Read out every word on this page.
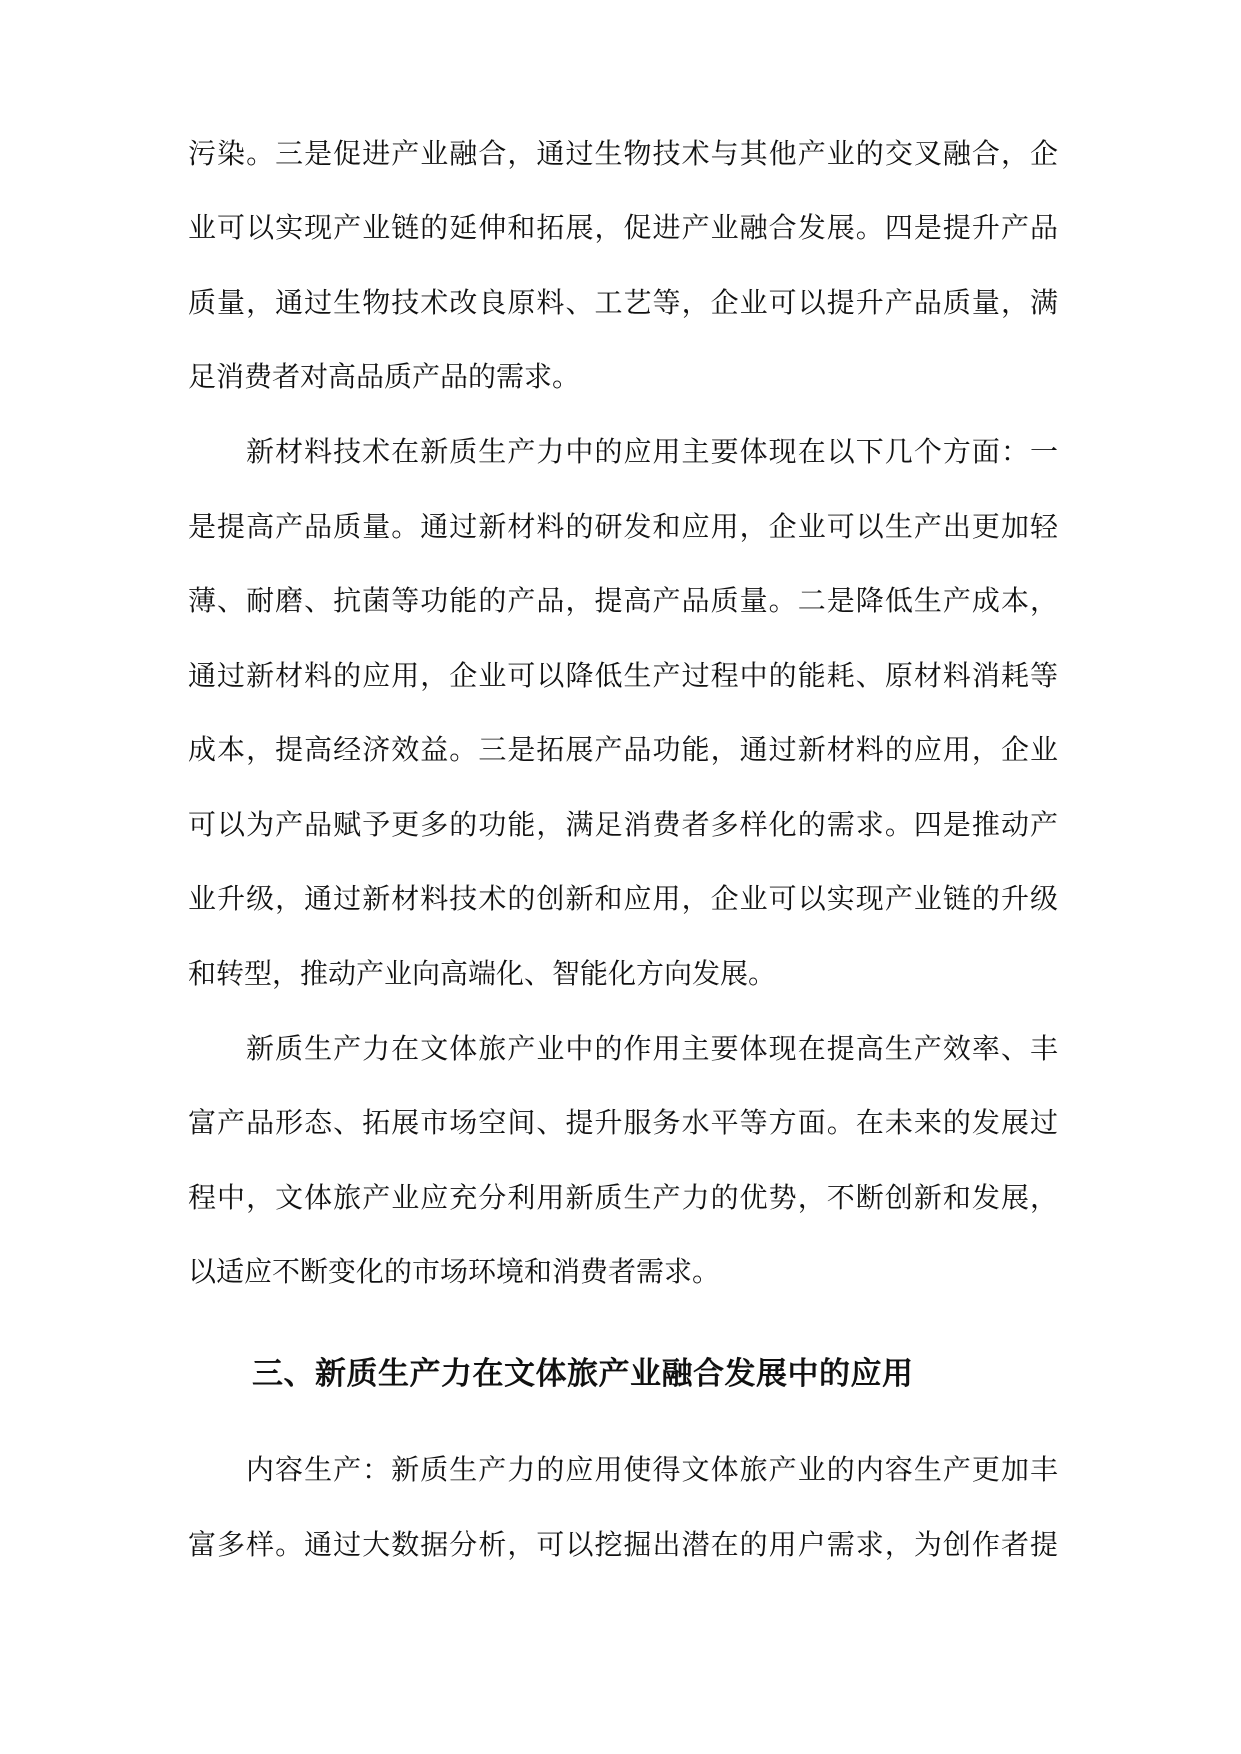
污染。三是促进产业融合，通过生物技术与其他产业的交叉融合，企
业可以实现产业链的延伸和拓展，促进产业融合发展。四是提升产品
质量，通过生物技术改良原料、工艺等，企业可以提升产品质量，满
足消费者对高品质产品的需求。
新材料技术在新质生产力中的应用主要体现在以下几个方面：一
是提高产品质量。通过新材料的研发和应用，企业可以生产出更加轻
薄、耐磨、抗菌等功能的产品，提高产品质量。二是降低生产成本，
通过新材料的应用，企业可以降低生产过程中的能耗、原材料消耗等
成本，提高经济效益。三是拓展产品功能，通过新材料的应用，企业
可以为产品赋予更多的功能，满足消费者多样化的需求。四是推动产
业升级，通过新材料技术的创新和应用，企业可以实现产业链的升级
和转型，推动产业向高端化、智能化方向发展。
新质生产力在文体旅产业中的作用主要体现在提高生产效率、丰
富产品形态、拓展市场空间、提升服务水平等方面。在未来的发展过
程中，文体旅产业应充分利用新质生产力的优势，不断创新和发展，
以适应不断变化的市场环境和消费者需求。
三、新质生产力在文体旅产业融合发展中的应用
内容生产：新质生产力的应用使得文体旅产业的内容生产更加丰
富多样。通过大数据分析，可以挖掘出潜在的用户需求，为创作者提
